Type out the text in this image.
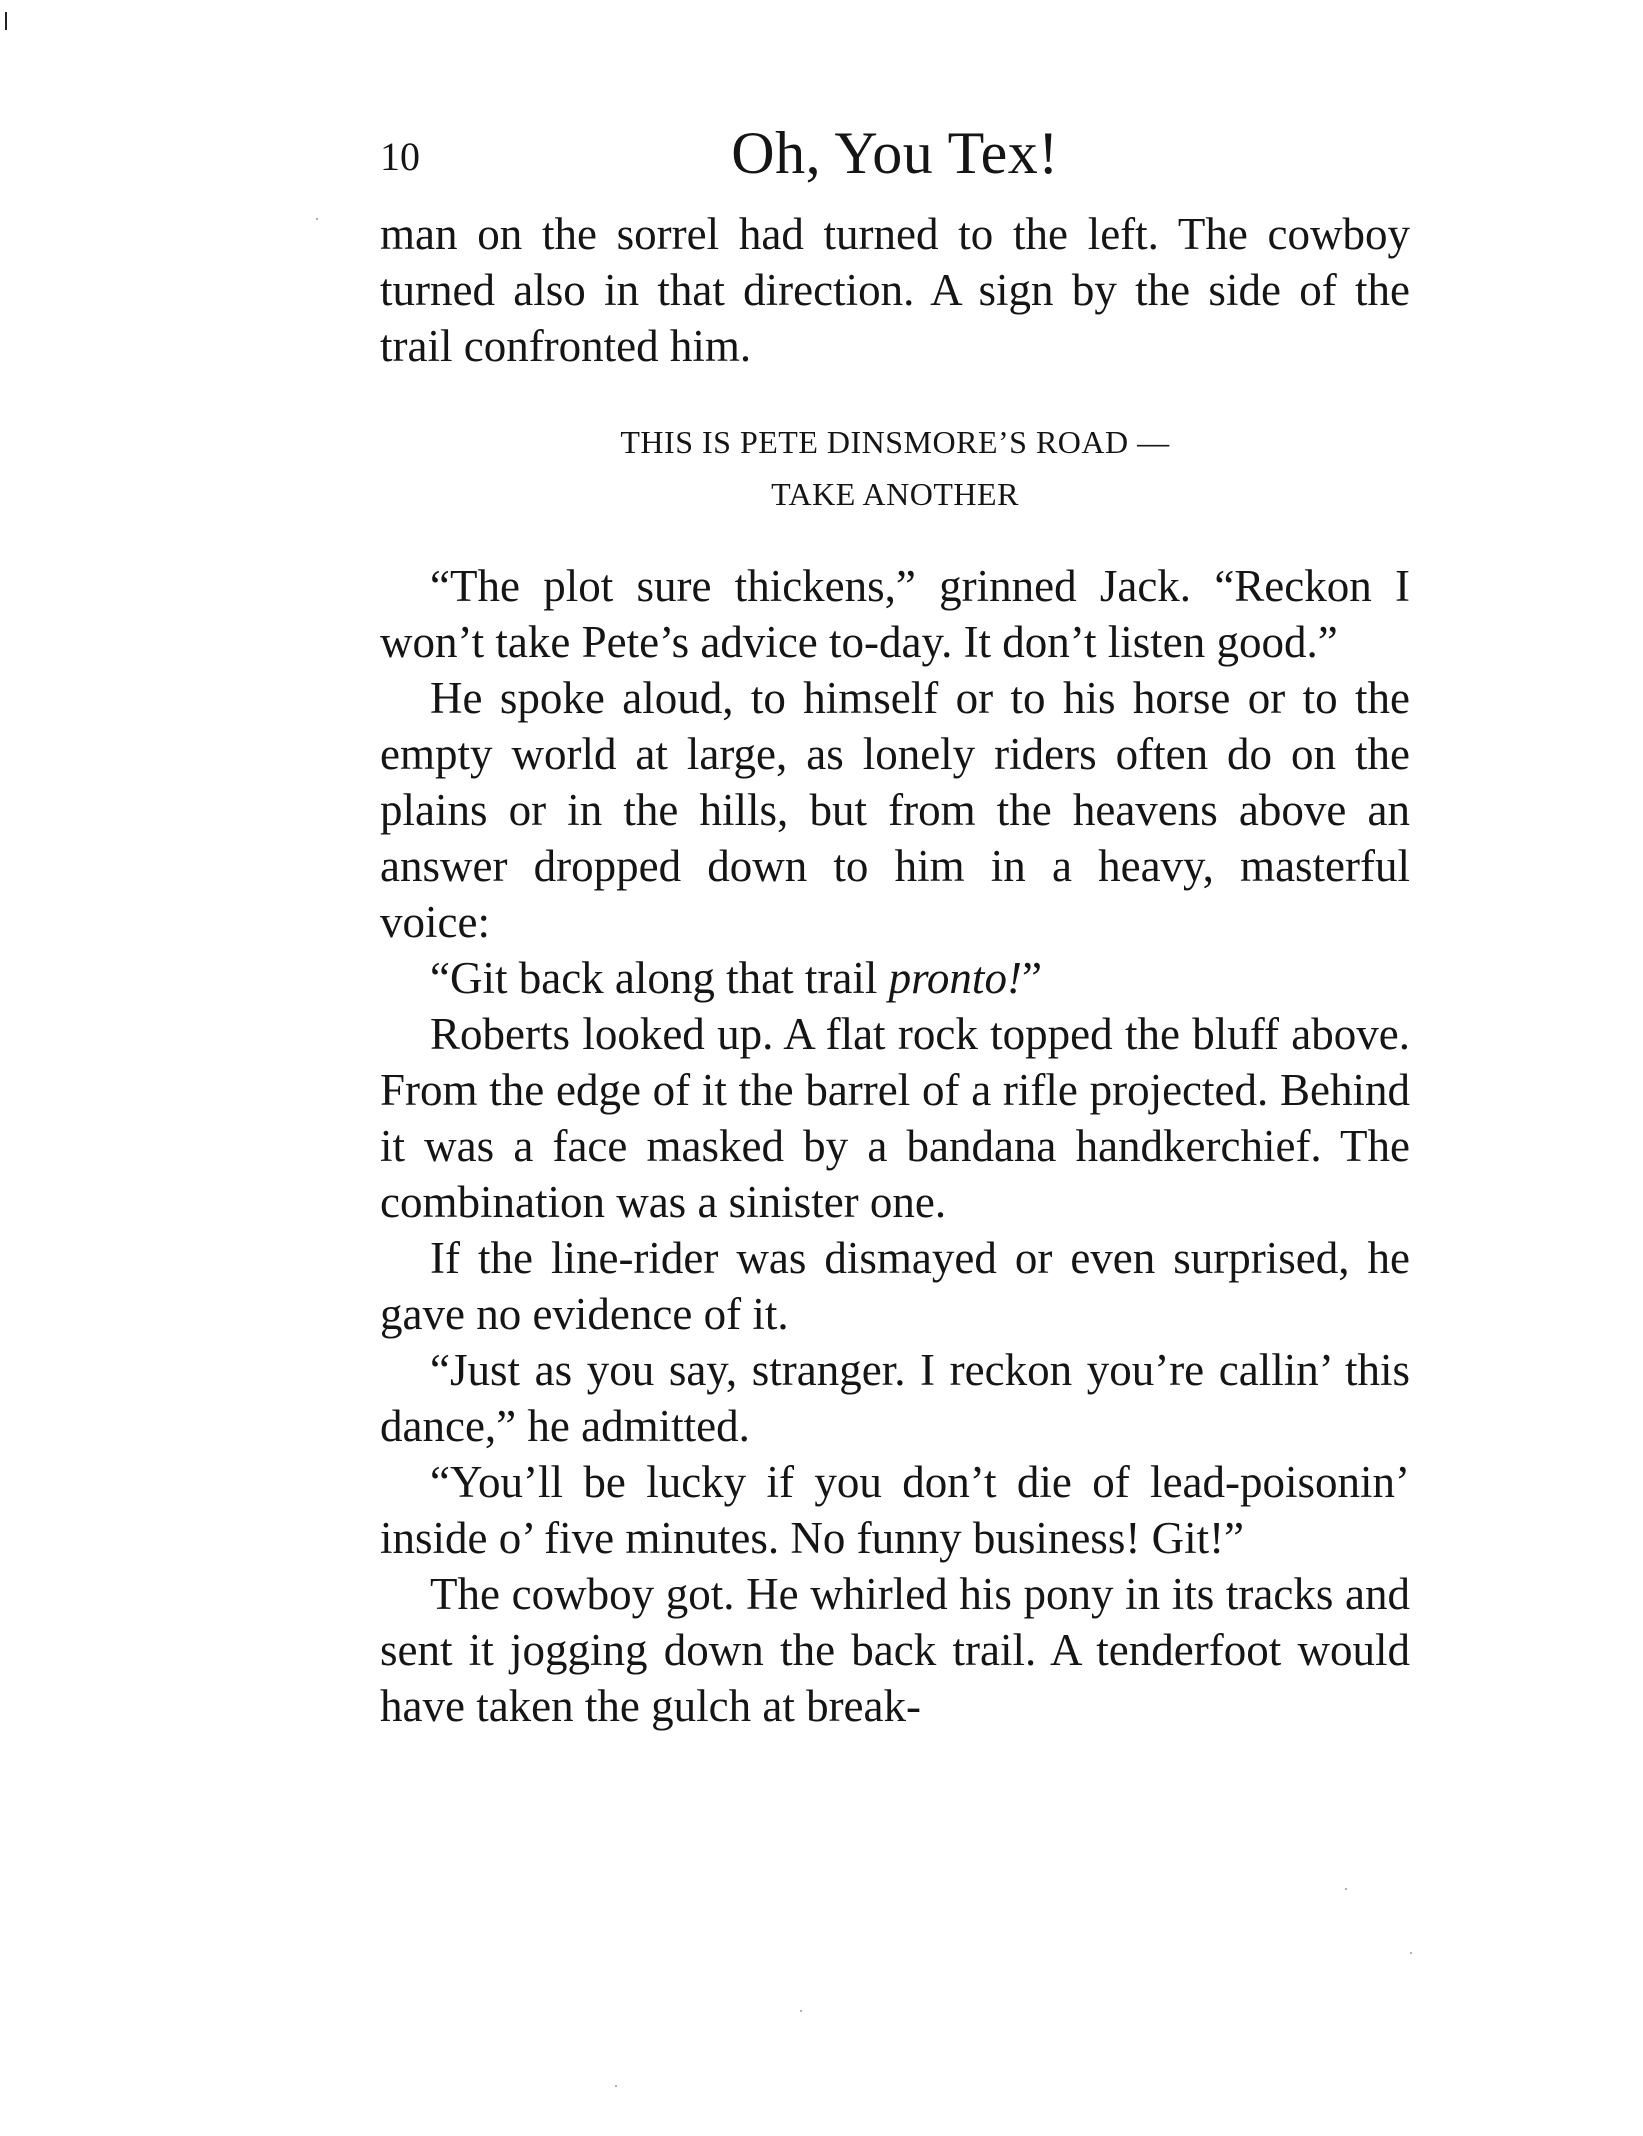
10	Oh, You Tex!

man on the sorrel had turned to the left. The cowboy turned also in that direction. A sign by the side of the trail confronted him.

THIS IS PETE DINSMORE’S ROAD —
TAKE ANOTHER

“The plot sure thickens,” grinned Jack. “Reckon I won’t take Pete’s advice to-day. It don’t listen good.”

He spoke aloud, to himself or to his horse or to the empty world at large, as lonely riders often do on the plains or in the hills, but from the heavens above an answer dropped down to him in a heavy, masterful voice:

“Git back along that trail pronto!”

Roberts looked up. A flat rock topped the bluff above. From the edge of it the barrel of a rifle projected. Behind it was a face masked by a bandana handkerchief. The combination was a sinister one.

If the line-rider was dismayed or even surprised, he gave no evidence of it.

“Just as you say, stranger. I reckon you’re callin’ this dance,” he admitted.

“You’ll be lucky if you don’t die of lead-poisonin’ inside o’ five minutes. No funny business! Git!”

The cowboy got. He whirled his pony in its tracks and sent it jogging down the back trail. A tenderfoot would have taken the gulch at break-
